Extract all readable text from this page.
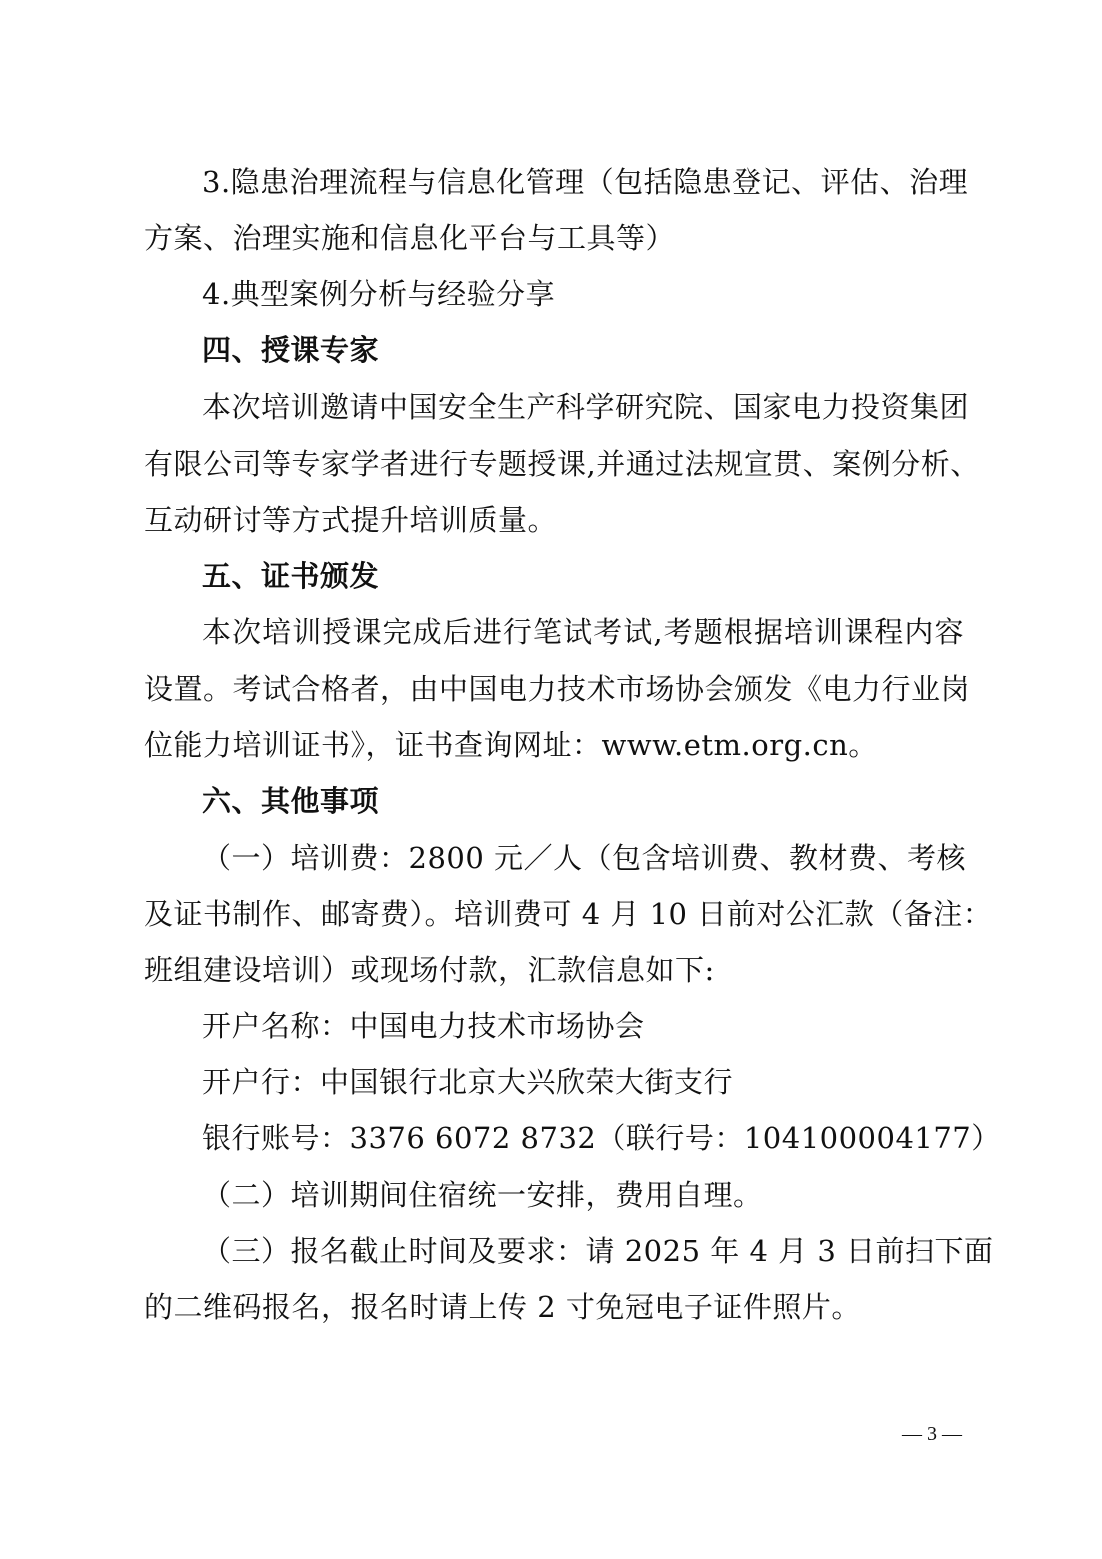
3.隐患治理流程与信息化管理（包括隐患登记、评估、治理
方案、治理实施和信息化平台与工具等）
4.典型案例分析与经验分享
四、授课专家
本次培训邀请中国安全生产科学研究院、国家电力投资集团
有限公司等专家学者进行专题授课,并通过法规宣贯、案例分析、
互动研讨等方式提升培训质量。
五、证书颁发
本次培训授课完成后进行笔试考试,考题根据培训课程内容
设置。考试合格者，由中国电力技术市场协会颁发《电力行业岗
位能力培训证书》，证书查询网址：www.etm.org.cn。
六、其他事项
（一）培训费：2800 元／人（包含培训费、教材费、考核
及证书制作、邮寄费）。培训费可 4 月 10 日前对公汇款（备注：
班组建设培训）或现场付款，汇款信息如下:
开户名称：中国电力技术市场协会
开户行：中国银行北京大兴欣荣大街支行
银行账号：3376 6072 8732（联行号：104100004177）
（二）培训期间住宿统一安排，费用自理。
（三）报名截止时间及要求：请 2025 年 4 月 3 日前扫下面
的二维码报名，报名时请上传 2 寸免冠电子证件照片。
— 3 —
